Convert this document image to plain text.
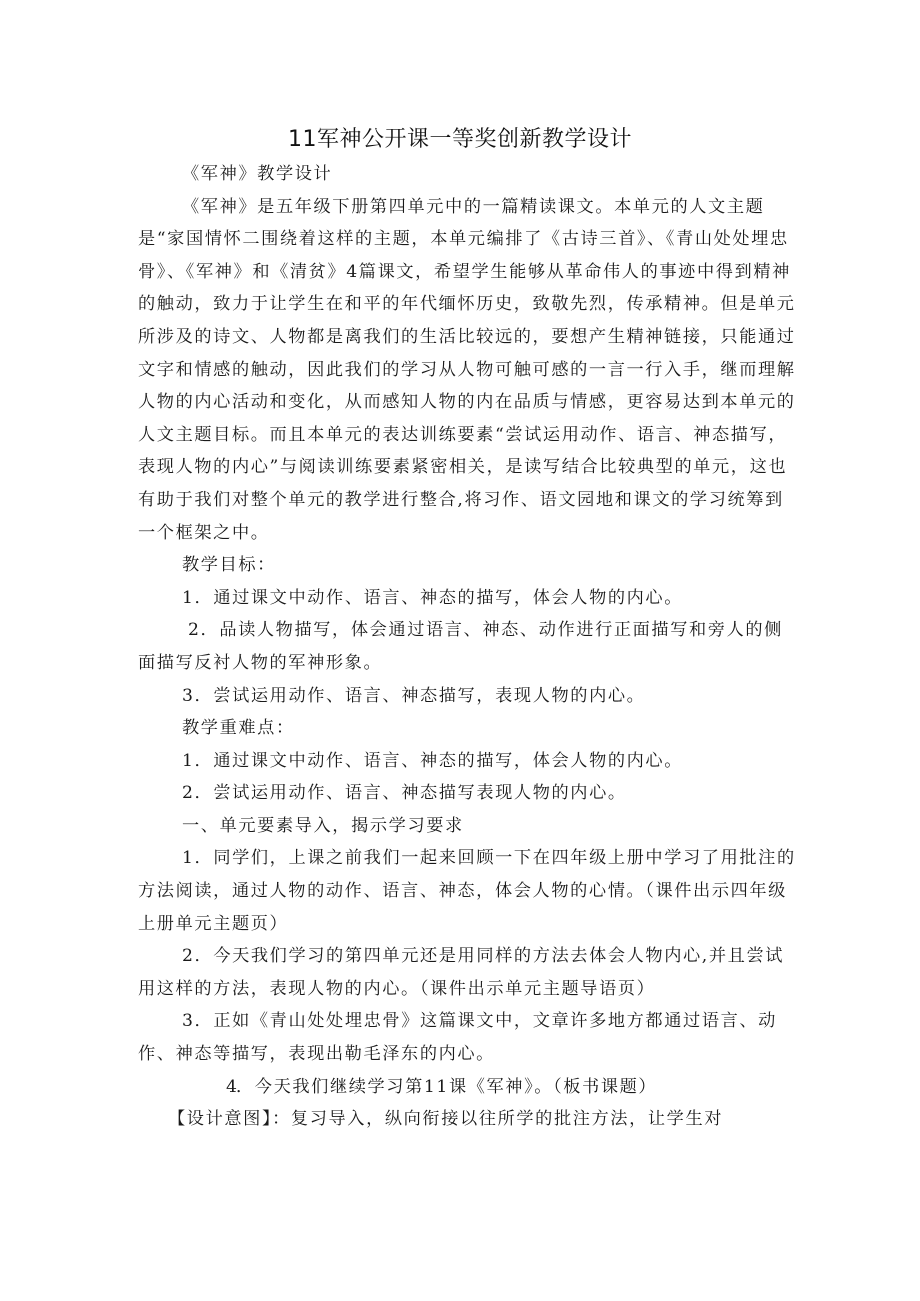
11军神公开课一等奖创新教学设计

《军神》教学设计

《军神》是五年级下册第四单元中的一篇精读课文。本单元的人文主题是“家国情怀二围绕着这样的主题，本单元编排了《古诗三首》、《青山处处埋忠骨》、《军神》和《清贫》4篇课文，希望学生能够从革命伟人的事迹中得到精神的触动，致力于让学生在和平的年代缅怀历史，致敬先烈，传承精神。但是单元所涉及的诗文、人物都是离我们的生活比较远的，要想产生精神链接，只能通过文字和情感的触动，因此我们的学习从人物可触可感的一言一行入手，继而理解人物的内心活动和变化，从而感知人物的内在品质与情感，更容易达到本单元的人文主题目标。而且本单元的表达训练要素“尝试运用动作、语言、神态描写，表现人物的内心”与阅读训练要素紧密相关，是读写结合比较典型的单元，这也有助于我们对整个单元的教学进行整合,将习作、语文园地和课文的学习统筹到一个框架之中。

教学目标：

1．通过课文中动作、语言、神态的描写，体会人物的内心。

2．品读人物描写，体会通过语言、神态、动作进行正面描写和旁人的侧面描写反衬人物的军神形象。

3．尝试运用动作、语言、神态描写，表现人物的内心。

教学重难点：

1．通过课文中动作、语言、神态的描写，体会人物的内心。

2．尝试运用动作、语言、神态描写表现人物的内心。

一、单元要素导入，揭示学习要求

1．同学们，上课之前我们一起来回顾一下在四年级上册中学习了用批注的方法阅读，通过人物的动作、语言、神态，体会人物的心情。（课件出示四年级上册单元主题页）

2．今天我们学习的第四单元还是用同样的方法去体会人物内心,并且尝试用这样的方法，表现人物的内心。（课件出示单元主题导语页）

3．正如《青山处处埋忠骨》这篇课文中，文章许多地方都通过语言、动作、神态等描写，表现出勒毛泽东的内心。

4．今天我们继续学习第11课《军神》。（板书课题）

【设计意图】：复习导入，纵向衔接以往所学的批注方法，让学生对
